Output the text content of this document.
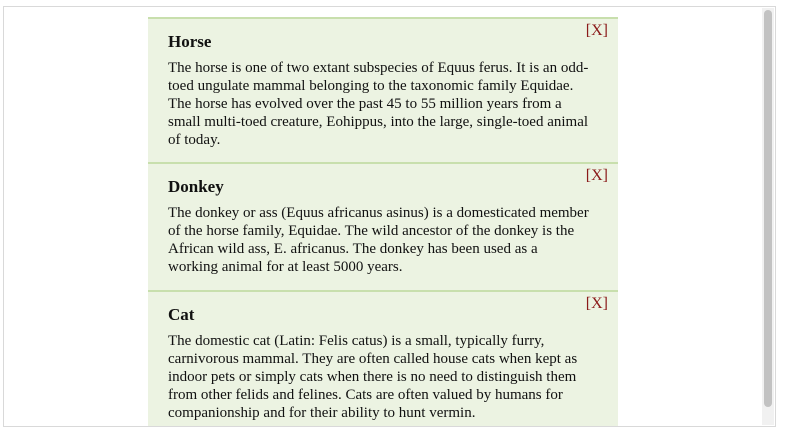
[X]
Horse

The horse is one of two extant subspecies of Equus ferus. It is an odd-toed ungulate mammal belonging to the taxonomic family Equidae. The horse has evolved over the past 45 to 55 million years from a small multi-toed creature, Eohippus, into the large, single-toed animal of today.

[X]
Donkey

The donkey or ass (Equus africanus asinus) is a domesticated member of the horse family, Equidae. The wild ancestor of the donkey is the African wild ass, E. africanus. The donkey has been used as a working animal for at least 5000 years.

[X]
Cat

The domestic cat (Latin: Felis catus) is a small, typically furry, carnivorous mammal. They are often called house cats when kept as indoor pets or simply cats when there is no need to distinguish them from other felids and felines. Cats are often valued by humans for companionship and for their ability to hunt vermin.
